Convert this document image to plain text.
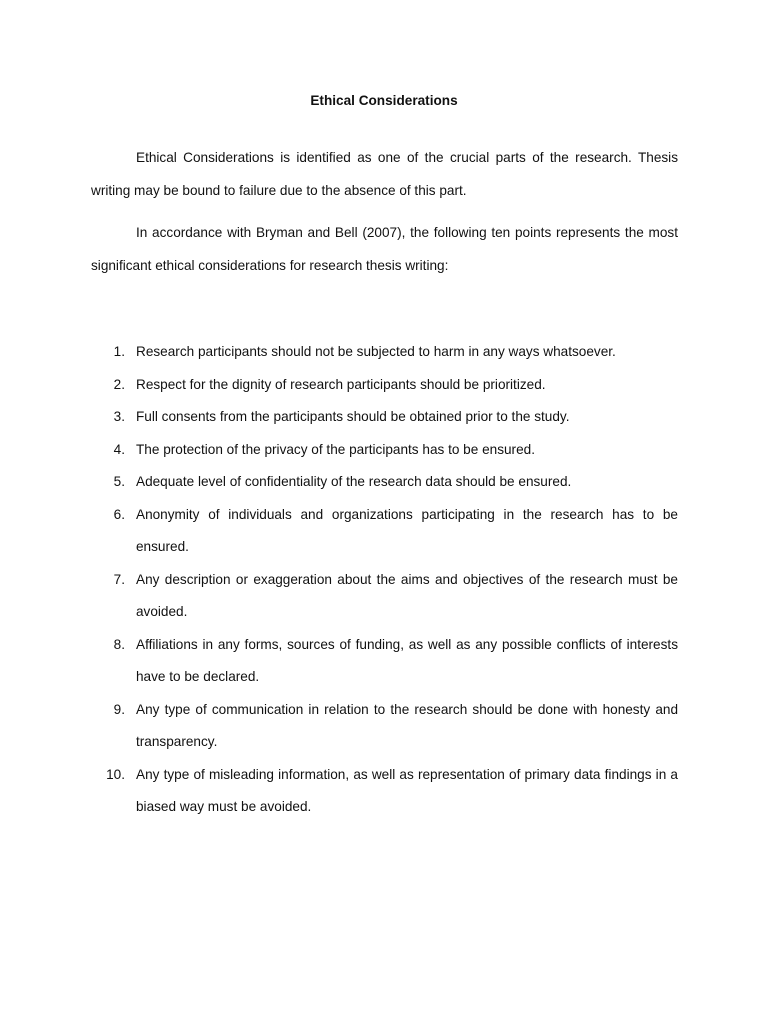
Ethical Considerations

Ethical Considerations is identified as one of the crucial parts of the research. Thesis writing may be bound to failure due to the absence of this part.

In accordance with Bryman and Bell (2007), the following ten points represents the most significant ethical considerations for research thesis writing:

1. Research participants should not be subjected to harm in any ways whatsoever.
2. Respect for the dignity of research participants should be prioritized.
3. Full consents from the participants should be obtained prior to the study.
4. The protection of the privacy of the participants has to be ensured.
5. Adequate level of confidentiality of the research data should be ensured.
6. Anonymity of individuals and organizations participating in the research has to be ensured.
7. Any description or exaggeration about the aims and objectives of the research must be avoided.
8. Affiliations in any forms, sources of funding, as well as any possible conflicts of interests have to be declared.
9. Any type of communication in relation to the research should be done with honesty and transparency.
10. Any type of misleading information, as well as representation of primary data findings in a biased way must be avoided.
